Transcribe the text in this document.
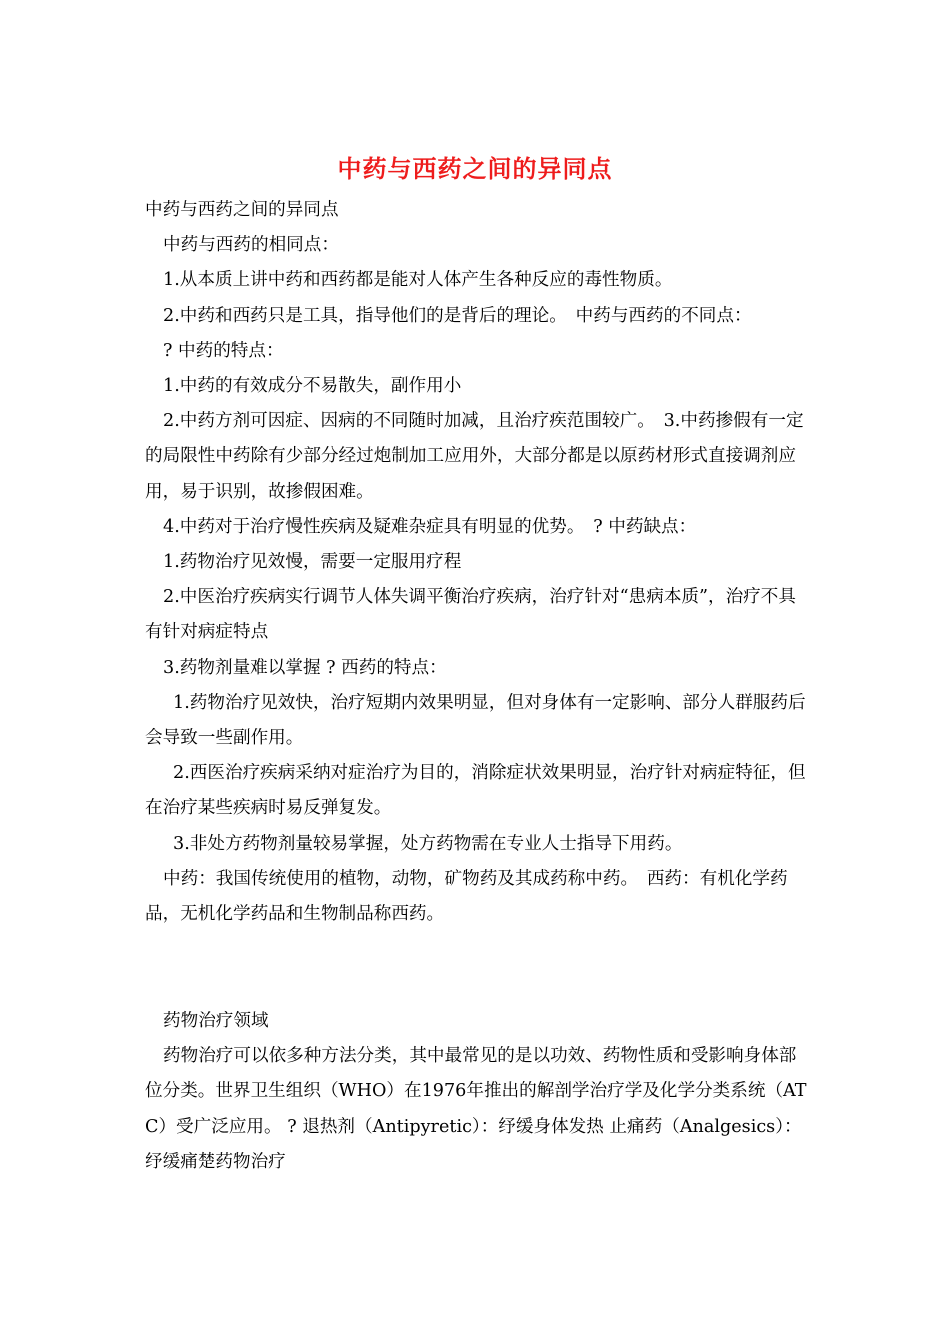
中药与西药之间的异同点

中药与西药之间的异同点

中药与西药的相同点：

1.从本质上讲中药和西药都是能对人体产生各种反应的毒性物质。

2.中药和西药只是工具，指导他们的是背后的理论。　中药与西药的不同点：

? 中药的特点：

1.中药的有效成分不易散失，副作用小

2.中药方剂可因症、因病的不同随时加减，且治疗疾范围较广。　3.中药掺假有一定的局限性中药除有少部分经过炮制加工应用外，大部分都是以原药材形式直接调剂应用，易于识别，故掺假困难。

4.中药对于治疗慢性疾病及疑难杂症具有明显的优势。　? 中药缺点：

1.药物治疗见效慢，需要一定服用疗程

2.中医治疗疾病实行调节人体失调平衡治疗疾病，治疗针对“患病本质”，治疗不具有针对病症特点

3.药物剂量难以掌握 ? 西药的特点：

1.药物治疗见效快，治疗短期内效果明显，但对身体有一定影响、部分人群服药后会导致一些副作用。

2.西医治疗疾病采纳对症治疗为目的，消除症状效果明显，治疗针对病症特征，但在治疗某些疾病时易反弹复发。

3.非处方药物剂量较易掌握，处方药物需在专业人士指导下用药。

中药：我国传统使用的植物，动物，矿物药及其成药称中药。　西药：有机化学药品，无机化学药品和生物制品称西药。

药物治疗领域

药物治疗可以依多种方法分类，其中最常见的是以功效、药物性质和受影响身体部位分类。世界卫生组织（WHO）在1976年推出的解剖学治疗学及化学分类系统（ATC）受广泛应用。 ? 退热剂（Antipyretic）：纾缓身体发热 止痛药（Analgesics）：纾缓痛楚药物治疗
